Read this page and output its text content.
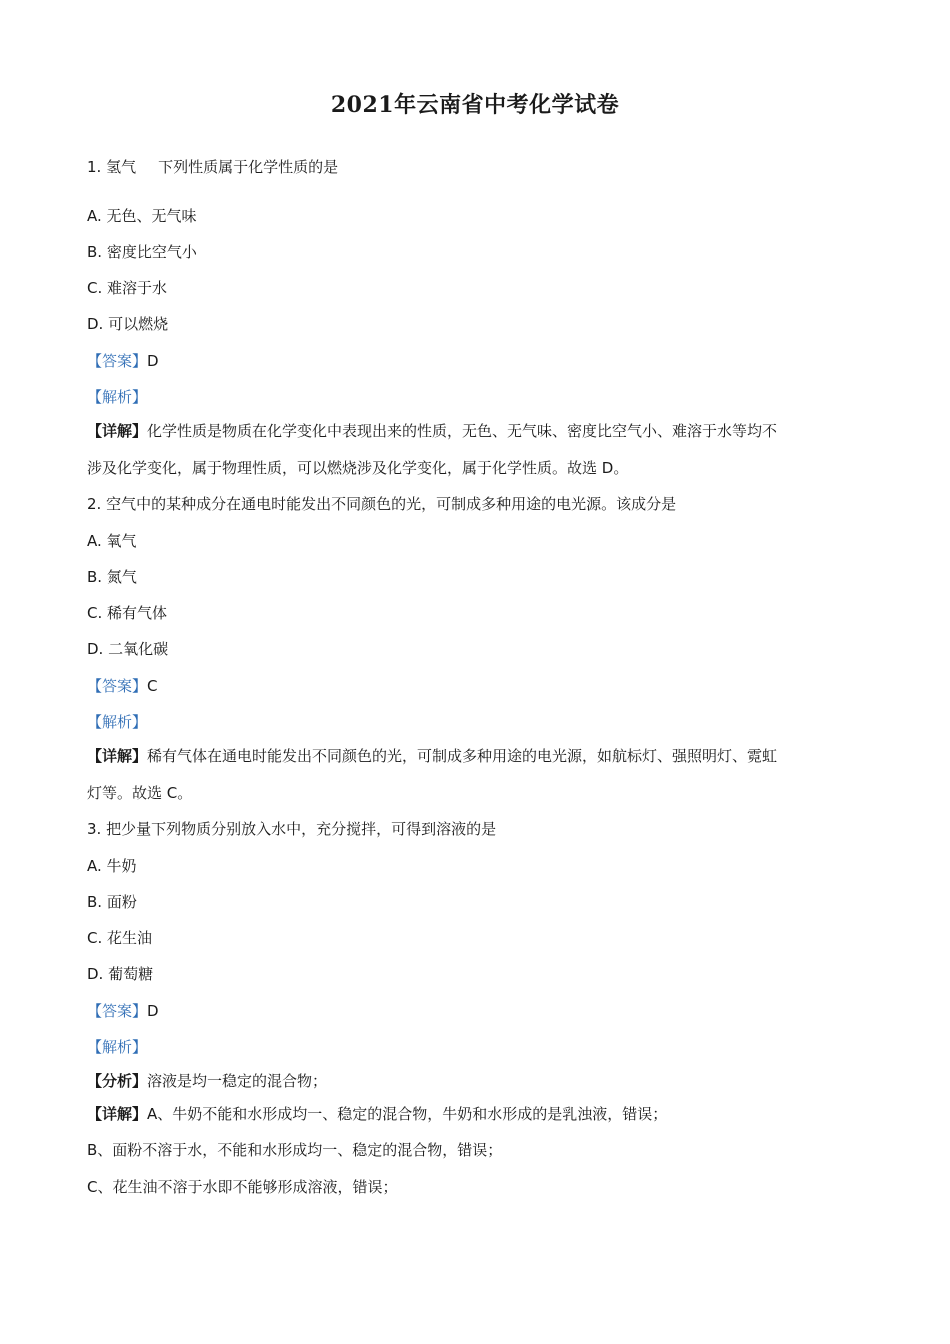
2021年云南省中考化学试卷
1. 氢气 下列性质属于化学性质的是
A. 无色、无气味
B. 密度比空气小
C. 难溶于水
D. 可以燃烧
【答案】D
【解析】
【详解】化学性质是物质在化学变化中表现出来的性质，无色、无气味、密度比空气小、难溶于水等均不
涉及化学变化，属于物理性质，可以燃烧涉及化学变化，属于化学性质。故选 D。
2. 空气中的某种成分在通电时能发出不同颜色的光，可制成多种用途的电光源。该成分是
A. 氧气
B. 氮气
C. 稀有气体
D. 二氧化碳
【答案】C
【解析】
【详解】稀有气体在通电时能发出不同颜色的光，可制成多种用途的电光源，如航标灯、强照明灯、霓虹
灯等。故选 C。
3. 把少量下列物质分别放入水中，充分搅拌，可得到溶液的是
A. 牛奶
B. 面粉
C. 花生油
D. 葡萄糖
【答案】D
【解析】
【分析】溶液是均一稳定的混合物；
【详解】A、牛奶不能和水形成均一、稳定的混合物，牛奶和水形成的是乳浊液，错误；
B、面粉不溶于水，不能和水形成均一、稳定的混合物，错误；
C、花生油不溶于水即不能够形成溶液，错误；
